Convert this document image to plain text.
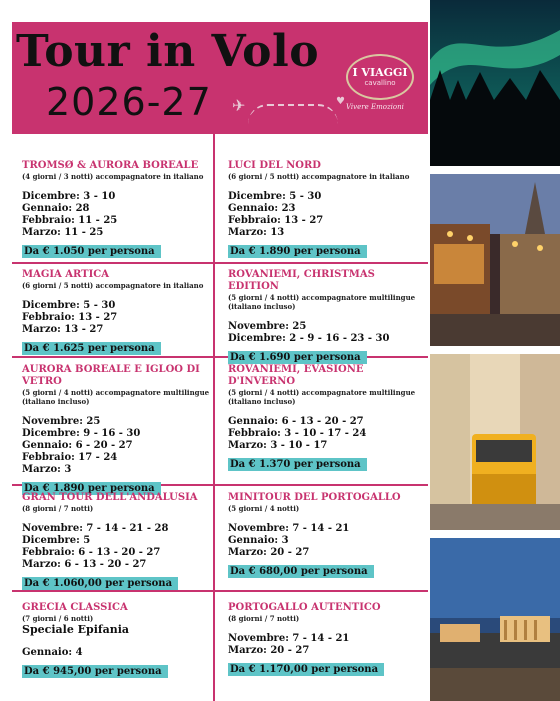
Tour in Volo
2026-27 ✈	♥
I VIAGGI
cavallino
Vivere Emozioni
TROMSØ & AURORA BOREALE
(4 giorni / 3 notti) accompagnatore in italiano
Dicembre: 3 - 10
Gennaio: 28
Febbraio: 11 - 25
Marzo: 11 - 25
Da € 1.050 per persona
LUCI DEL NORD
(6 giorni / 5 notti) accompagnatore in italiano
Dicembre: 5 - 30
Gennaio: 23
Febbraio: 13 - 27
Marzo: 13
Da € 1.890 per persona
MAGIA ARTICA
(6 giorni / 5 notti) accompagnatore in italiano
Dicembre: 5 - 30
Febbraio: 13 - 27
Marzo: 13 - 27
Da € 1.625 per persona
ROVANIEMI, CHRISTMAS EDITION
(5 giorni / 4 notti) accompagnatore multilingue
(italiano incluso)
Novembre: 25
Dicembre: 2 - 9 - 16 - 23 - 30
Da € 1.690 per persona
AURORA BOREALE E IGLOO DI VETRO
(5 giorni / 4 notti) accompagnatore multilingue
(italiano incluso)
Novembre: 25
Dicembre: 9 - 16 - 30
Gennaio: 6 - 20 - 27
Febbraio: 17 - 24
Marzo: 3
Da € 1.890 per persona
ROVANIEMI, EVASIONE D'INVERNO
(5 giorni / 4 notti) accompagnatore multilingue
(italiano incluso)
Gennaio: 6 - 13 - 20 - 27
Febbraio: 3 - 10 - 17 - 24
Marzo: 3 - 10 - 17
Da € 1.370 per persona
GRAN TOUR DELL'ANDALUSIA
(8 giorni / 7 notti)
Novembre: 7 - 14 - 21 - 28
Dicembre: 5
Febbraio: 6 - 13 - 20 - 27
Marzo: 6 - 13 - 20 - 27
Da € 1.060,00 per persona
MINITOUR DEL PORTOGALLO
(5 giorni / 4 notti)
Novembre: 7 - 14 - 21
Gennaio: 3
Marzo: 20 - 27
Da € 680,00 per persona
GRECIA CLASSICA
(7 giorni / 6 notti)
Speciale Epifania
Gennaio: 4
Da € 945,00 per persona
PORTOGALLO AUTENTICO
(8 giorni / 7 notti)
Novembre: 7 - 14 - 21
Marzo: 20 - 27
Da € 1.170,00 per persona
